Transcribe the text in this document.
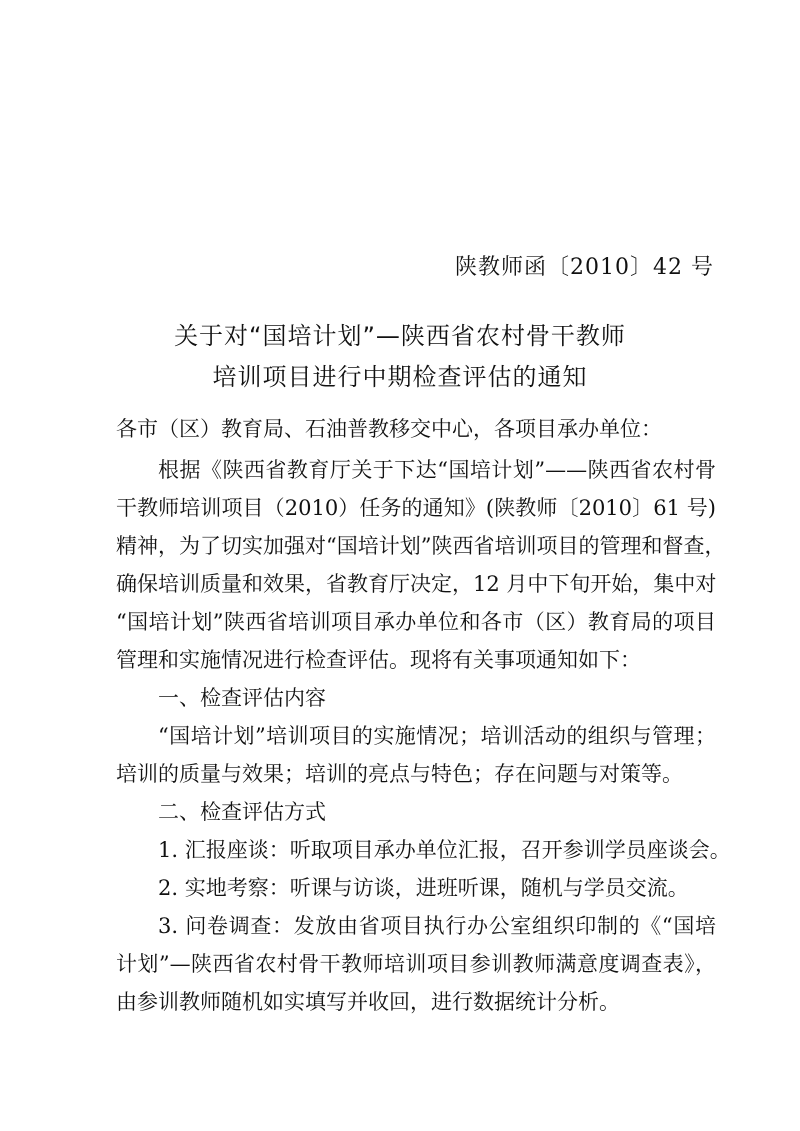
陕教师函〔2010〕42 号
关于对“国培计划”—陕西省农村骨干教师
培训项目进行中期检查评估的通知
各市（区）教育局、石油普教移交中心，各项目承办单位：
根据《陕西省教育厅关于下达“国培计划”——陕西省农村骨
干教师培训项目（2010）任务的通知》(陕教师〔2010〕61 号)
精神，为了切实加强对“国培计划”陕西省培训项目的管理和督查，
确保培训质量和效果，省教育厅决定，12 月中下旬开始，集中对
“国培计划”陕西省培训项目承办单位和各市（区）教育局的项目
管理和实施情况进行检查评估。现将有关事项通知如下：
一、检查评估内容
“国培计划”培训项目的实施情况；培训活动的组织与管理；
培训的质量与效果；培训的亮点与特色；存在问题与对策等。
二、检查评估方式
1. 汇报座谈：听取项目承办单位汇报，召开参训学员座谈会。
2. 实地考察：听课与访谈，进班听课，随机与学员交流。
3. 问卷调查：发放由省项目执行办公室组织印制的《“国培
计划”—陕西省农村骨干教师培训项目参训教师满意度调查表》，
由参训教师随机如实填写并收回，进行数据统计分析。
